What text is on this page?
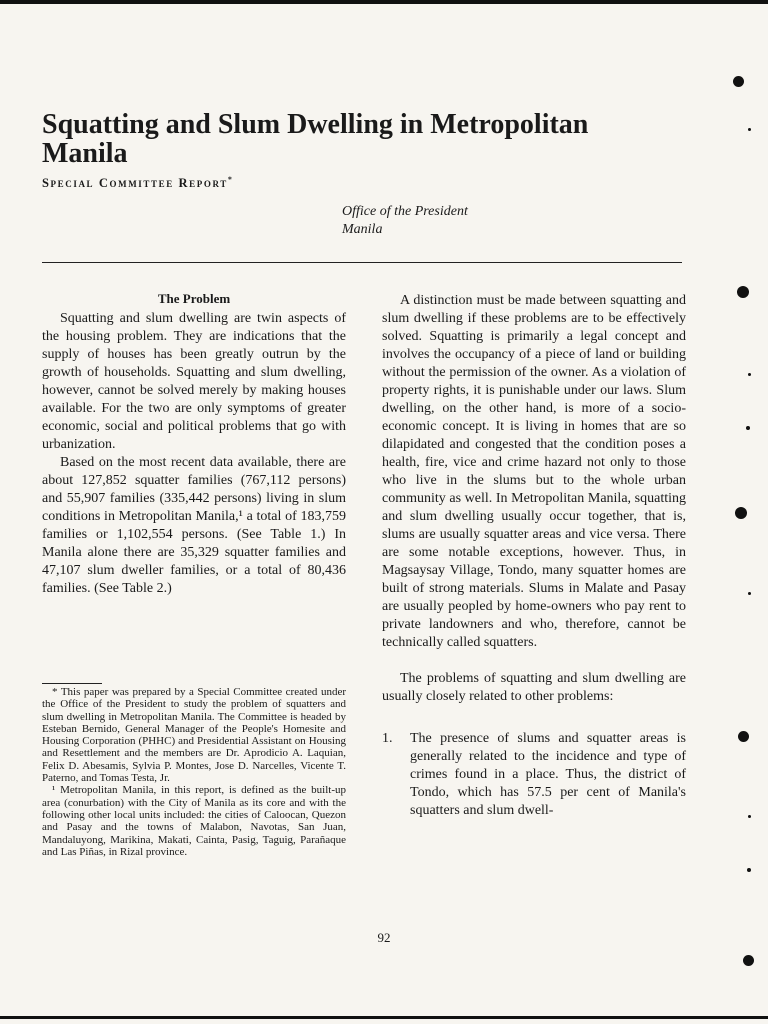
Squatting and Slum Dwelling in Metropolitan Manila
Special Committee Report*
Office of the President
Manila

The Problem

Squatting and slum dwelling are twin aspects of the housing problem. They are indications that the supply of houses has been greatly outrun by the growth of households. Squatting and slum dwelling, however, cannot be solved merely by making houses available. For the two are only symptoms of greater economic, social and political problems that go with urbanization.

Based on the most recent data available, there are about 127,852 squatter families (767,112 persons) and 55,907 families (335,442 persons) living in slum conditions in Metropolitan Manila,¹ a total of 183,759 families or 1,102,554 persons. (See Table 1.) In Manila alone there are 35,329 squatter families and 47,107 slum dweller families, or a total of 80,436 families. (See Table 2.)

* This paper was prepared by a Special Committee created under the Office of the President to study the problem of squatters and slum dwelling in Metropolitan Manila. The Committee is headed by Esteban Bernido, General Manager of the People's Homesite and Housing Corporation (PHHC) and Presidential Assistant on Housing and Resettlement and the members are Dr. Aprodicio A. Laquian, Felix D. Abesamis, Sylvia P. Montes, Jose D. Narcelles, Vicente T. Paterno, and Tomas Testa, Jr.

¹ Metropolitan Manila, in this report, is defined as the built-up area (conurbation) with the City of Manila as its core and with the following other local units included: the cities of Caloocan, Quezon and Pasay and the towns of Malabon, Navotas, San Juan, Mandaluyong, Marikina, Makati, Cainta, Pasig, Taguig, Parañaque and Las Piñas, in Rizal province.

A distinction must be made between squatting and slum dwelling if these problems are to be effectively solved. Squatting is primarily a legal concept and involves the occupancy of a piece of land or building without the permission of the owner. As a violation of property rights, it is punishable under our laws. Slum dwelling, on the other hand, is more of a socio-economic concept. It is living in homes that are so dilapidated and congested that the condition poses a health, fire, vice and crime hazard not only to those who live in the slums but to the whole urban community as well. In Metropolitan Manila, squatting and slum dwelling usually occur together, that is, slums are usually squatter areas and vice versa. There are some notable exceptions, however. Thus, in Magsaysay Village, Tondo, many squatter homes are built of strong materials. Slums in Malate and Pasay are usually peopled by home-owners who pay rent to private landowners and who, therefore, cannot be technically called squatters.

The problems of squatting and slum dwelling are usually closely related to other problems:

1.	The presence of slums and squatter areas is generally related to the incidence and type of crimes found in a place. Thus, the district of Tondo, which has 57.5 per cent of Manila's squatters and slum dwell-
92
